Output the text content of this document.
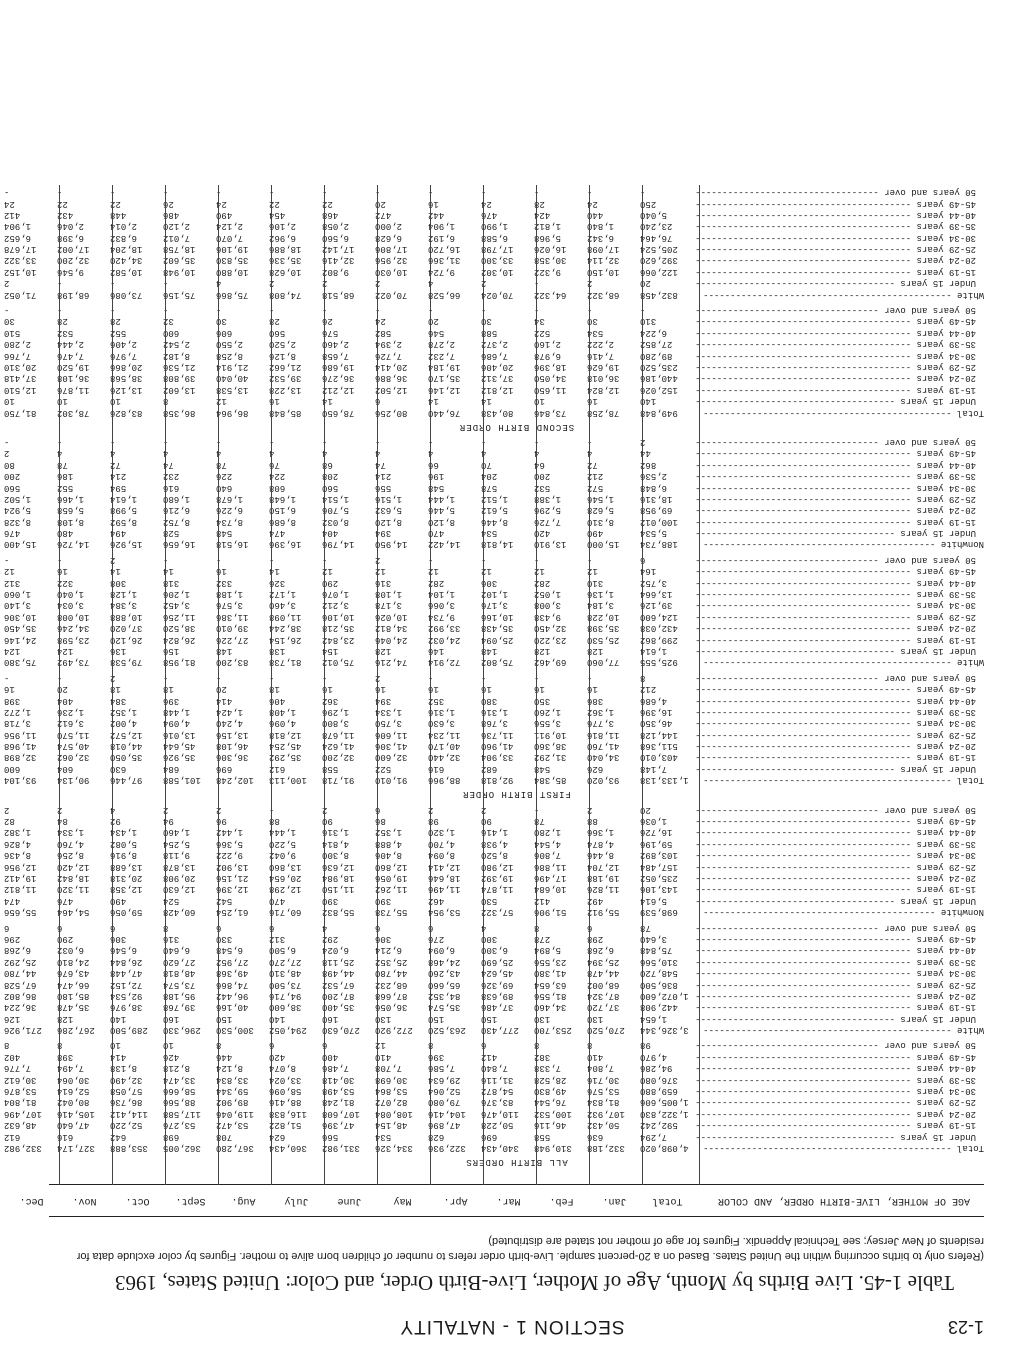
1-23
SECTION 1 - NATALITY
Table 1-45. Live Births by Month, Age of Mother, Live-Birth Order, and Color: United States, 1963
(Refers only to births occurring within the United States. Based on a 20-percent sample. Live-birth order refers to number of children born alive to mother. Figures by color exclude data for residents of New Jersey; see Technical Appendix. Figures for age of mother not stated are distributed)
AGE OF MOTHER, LIVE-BIRTH ORDER, AND COLOR
Total
Jan.
Feb.
Mar.
Apr.
May
June
July
Aug.
Sept.
Oct.
Nov.
Dec.
ALL BIRTH ORDERS
Total -----
4,098,020
332,188
310,948
340,434
322,936
334,326
331,982
360,434
367,280
362,005
353,888
327,174
332,982
Under 15 years -----
7,294
636
558
696
628
534
566
624
708
698
642
616
612
15-19 years -----
592,242
50,432
46,116
50,228
47,896
48,154
47,396
51,822
53,472
53,276
52,220
47,640
48,632
20-24 years -----
1,322,830
107,932
100,532
110,476
104,416
108,084
107,608
116,838
119,046
117,588
114,412
105,416
107,496
25-29 years -----
1,005,606
81,834
76,544
83,376
79,080
82,072
81,248
88,416
89,902
88,566
86,736
80,042
81,804
30-34 years -----
659,880
53,576
49,830
54,872
52,064
53,864
53,498
58,096
59,344
58,666
57,058
52,614
53,876
35-39 years -----
376,080
30,716
28,528
31,116
29,634
30,698
30,418
33,024
33,834
33,474
32,490
30,064
30,612
40-44 years -----
94,286
7,804
7,338
7,840
7,586
7,708
7,486
8,074
8,124
8,218
8,138
7,494
7,776
45-49 years -----
4,970
410
382
412
396
410
400
420
446
426
414
398
402
50 years and over -----
98
8
8
6
8
12
6
6
8
10
10
8
8
White -----
3,326,344
270,520
253,700
277,430
263,520
272,920
270,630
294,052
300,530
296,330
289,500
267,286
271,926
Under 15 years -----
1,654
130
130
150
150
130
160
140
150
160
140
128
126
15-19 years -----
442,908
37,720
34,460
37,486
35,574
36,056
35,400
38,600
40,166
39,768
38,976
35,478
36,224
20-24 years -----
1,072,600
87,324
81,556
89,638
84,352
87,668
87,200
94,716
96,442
95,188
92,534
85,180
86,802
25-29 years -----
836,500
68,002
63,654
69,326
65,660
68,232
67,532
73,500
74,866
73,574
72,152
66,474
67,528
30-34 years -----
548,720
44,478
41,380
45,624
43,260
44,780
44,498
48,310
49,368
48,818
47,448
43,676
44,780
35-39 years -----
310,566
25,394
23,556
25,690
24,468
25,352
25,118
27,270
27,952
27,620
26,844
24,810
25,292
40-44 years -----
75,848
6,268
5,894
6,300
6,094
6,214
6,024
6,500
6,548
6,640
6,546
6,032
6,268
45-49 years -----
3,640
298
278
300
276
306
292
312
330
316
306
290
296
50 years and over -----
78
6
8
4
6
6
4
6
6
8
6
6
6
Nonwhite -----
698,539
55,912
51,906
57,322
53,954
55,738
55,832
60,716
61,254
60,428
59,056
54,464
55,656
Under 15 years -----
5,614
492
412
530
462
390
390
470
542
524
490
476
474
15-19 years -----
143,106
11,826
10,684
11,874
11,496
11,262
11,150
12,298
12,396
12,630
12,358
11,320
11,812
20-24 years -----
235,052
19,188
17,496
19,392
18,646
19,056
18,984
20,654
21,156
20,908
20,318
18,842
19,412
25-29 years -----
157,484
12,704
11,886
12,980
12,414
12,860
12,636
13,860
13,902
13,878
13,688
12,420
12,956
30-34 years -----
103,892
8,446
7,806
8,520
8,094
8,406
8,300
9,042
9,222
9,118
8,916
8,256
8,436
35-39 years -----
59,196
4,874
4,544
4,938
4,700
4,888
4,814
5,220
5,366
5,254
5,082
4,760
4,826
40-44 years -----
16,726
1,366
1,280
1,416
1,320
1,352
1,316
1,444
1,442
1,460
1,434
1,334
1,382
45-49 years -----
1,036
88
78
90
98
86
90
88
96
94
92
84
82
50 years and over -----
20
2
-
2
2
6
2
-
2
2
4
2
2
FIRST BIRTH ORDER
Total -----
1,133,138
93,020
85,384
92,818
88,966
91,010
91,718
100,113
102,248
101,588
97,446
90,134
93,104
Under 15 years -----
7,148
626
548
682
616
522
558
612
696
684
630
604
600
15-19 years -----
403,010
34,040
31,292
33,904
32,440
32,600
32,200
35,292
36,306
35,926
35,050
32,062
32,898
20-24 years -----
511,368
41,760
38,360
41,960
40,170
41,306
41,624
45,254
46,108
45,644
44,018
40,574
41,968
25-29 years -----
144,128
11,816
10,911
11,736
11,234
11,606
11,678
12,818
13,156
13,016
12,572
11,570
11,956
30-34 years -----
46,350
3,776
3,556
3,768
3,630
3,750
3,800
4,096
4,240
4,094
4,002
3,612
3,718
35-39 years -----
16,396
1,362
1,260
1,316
1,316
1,334
1,296
1,408
1,424
1,448
1,352
1,236
1,272
40-44 years -----
4,686
386
350
380
352
394
362
406
414
396
384
404
398
45-49 years -----
212
16
16
16
16
16
16
18
20
18
18
20
16
50 years and over -----
8
-
-
-
-
2
-
-
-
-
2
-
-
White -----
925,555
77,060
69,462
75,802
72,914
74,216
75,012
81,738
83,200
81,958
79,538
73,492
75,380
Under 15 years -----
1,614
128
128
148
146
128
154
138
148
156
136
124
124
15-19 years -----
299,862
25,530
23,220
25,094
24,032
24,046
23,842
26,154
27,226
26,824
26,120
23,598
24,146
20-24 years -----
432,038
35,398
32,450
35,438
33,992
34,812
35,218
38,244
39,010
38,520
37,020
34,246
35,450
25-29 years -----
124,600
10,228
9,438
10,166
9,734
10,026
10,106
11,098
11,386
11,256
10,888
10,008
10,306
30-34 years -----
39,126
3,184
3,008
3,176
3,066
3,178
3,212
3,460
3,576
3,452
3,384
3,034
3,140
35-39 years -----
13,664
1,136
1,052
1,102
1,104
1,108
1,076
1,172
1,188
1,206
1,128
1,040
1,060
40-44 years -----
3,752
310
282
306
282
316
290
326
332
318
308
322
312
45-49 years -----
164
12
12
12
12
12
12
14
16
14
14
16
12
50 years and over -----
6
-
-
-
-
2
-
-
-
-
2
-
-
Nonwhite -----
188,734
15,000
13,910
14,818
14,422
14,950
14,796
16,396
16,518
16,656
15,926
14,726
15,400
Under 15 years -----
5,534
490
420
534
470
394
404
474
548
528
494
480
476
15-19 years -----
100,012
8,310
7,726
8,446
8,120
8,120
8,032
8,686
8,734
8,752
8,592
8,108
8,328
20-24 years -----
69,958
5,628
5,296
5,612
5,446
5,632
5,706
6,150
6,226
6,216
5,998
5,658
5,924
25-29 years -----
18,316
1,546
1,388
1,512
1,444
1,516
1,514
1,648
1,678
1,680
1,614
1,466
1,502
30-34 years -----
6,848
572
532
578
548
556
560
608
640
616
594
552
560
35-39 years -----
2,536
212
200
204
196
214
208
224
226
232
214
186
200
40-44 years -----
862
72
64
70
66
74
68
76
78
74
72
78
80
45-49 years -----
44
4
4
4
4
4
4
4
4
4
4
4
2
50 years and over -----
2
-
-
-
-
-
-
-
-
-
-
-
-
SECOND BIRTH ORDER
Total -----
949,848
78,258
73,846
80,438
76,440
80,256
78,650
85,848
86,964
86,358
83,826
78,302
81,750
Under 15 years -----
140
16
10
14
14
6
14
16
12
8
10
10
10
15-19 years -----
152,026
12,824
11,650
12,812
12,146
12,502
12,212
13,228
13,538
13,602
13,126
11,876
12,510
20-24 years -----
440,186
36,018
34,050
37,312
35,170
36,886
36,276
39,532
40,040
39,808
38,568
36,108
37,418
25-29 years -----
235,520
19,626
18,396
20,406
19,184
20,414
19,686
21,662
21,914
21,536
20,866
19,520
20,310
30-34 years -----
89,280
7,416
6,978
7,686
7,232
7,726
7,658
8,126
8,258
8,182
7,976
7,476
7,766
35-39 years -----
27,852
2,222
2,160
2,372
2,278
2,394
2,460
2,520
2,550
2,542
2,406
2,444
2,280
40-44 years -----
6,224
534
522
588
546
582
576
560
606
600
552
532
510
45-49 years -----
310
30
34
30
20
24
26
28
30
32
28
28
30
50 years and over -----
-
-
-
-
-
-
-
-
-
-
-
-
-
White -----
832,458
68,322
64,322
70,024
66,528
70,022
68,518
74,808
75,866
75,156
73,086
68,198
71,052
Under 15 years -----
20
2
-
2
4
2
2
2
4
-
-
-
2
15-19 years -----
122,066
10,150
9,322
10,302
9,724
10,030
9,802
10,628
10,880
10,948
10,582
9,546
10,152
20-24 years -----
392,620
32,114
30,358
33,300
31,366
32,956
32,416
35,336
35,830
35,602
34,420
32,200
33,322
25-29 years -----
205,524
17,098
16,026
17,798
16,720
17,806
17,142
18,886
19,106
18,758
18,204
17,002
17,678
30-34 years -----
76,464
6,342
5,968
6,588
6,192
6,628
6,560
6,962
7,070
7,012
6,832
6,398
6,652
35-39 years -----
23,240
1,840
1,812
1,990
1,904
2,000
2,058
2,106
2,124
2,120
2,014
2,046
1,904
40-44 years -----
5,040
440
424
476
442
472
468
454
490
486
448
432
412
45-49 years -----
250
24
28
24
16
20
22
22
24
26
22
22
24
50 years and over -----
-
-
-
-
-
-
-
-
-
-
-
-
-
